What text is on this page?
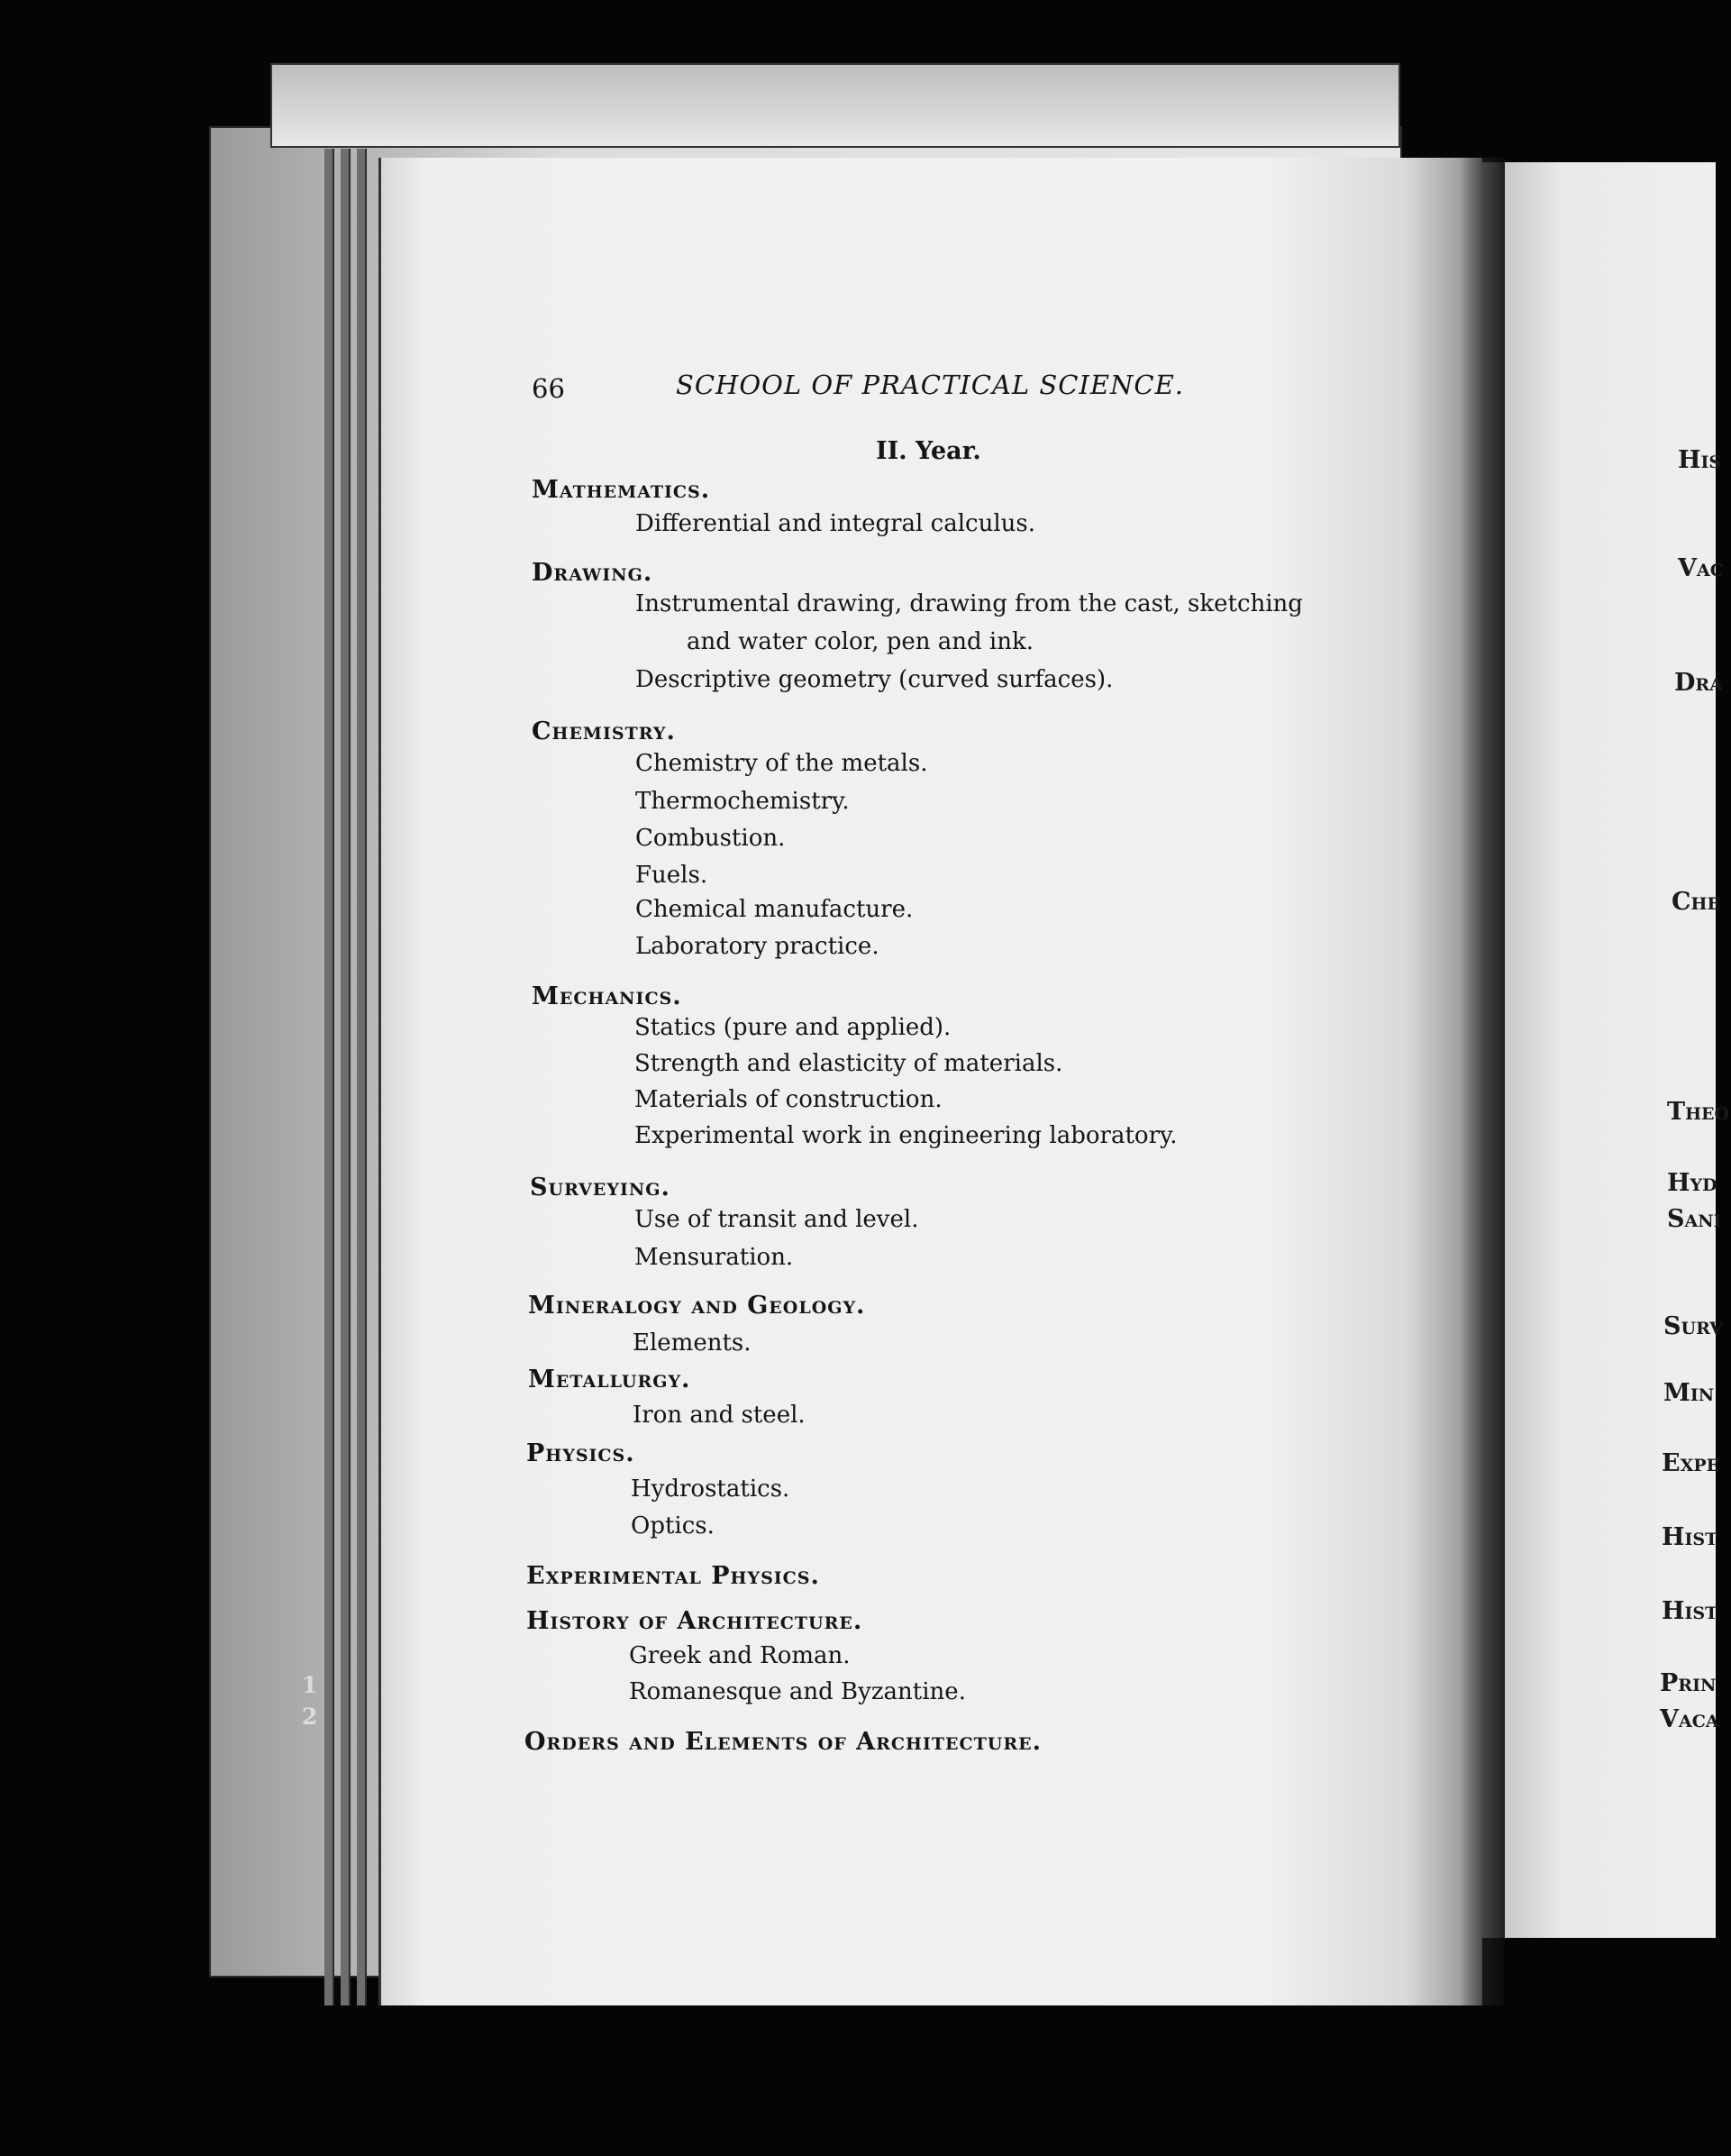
1
2
66	SCHOOL OF PRACTICAL SCIENCE.
II. Year.
Mathematics.
Differential and integral calculus.
Drawing.
Instrumental drawing, drawing from the cast, sketching
and water color, pen and ink.
Descriptive geometry (curved surfaces).
Chemistry.
Chemistry of the metals.
Thermochemistry.
Combustion.
Fuels.
Chemical manufacture.
Laboratory practice.
Mechanics.
Statics (pure and applied).
Strength and elasticity of materials.
Materials of construction.
Experimental work in engineering laboratory.
Surveying.
Use of transit and level.
Mensuration.
Mineralogy and Geology.
Elements.
Metallurgy.
Iron and steel.
Physics.
Hydrostatics.
Optics.
Experimental Physics.
History of Architecture.
Greek and Roman.
Romanesque and Byzantine.
Orders and Elements of Architecture.
His
Vac
Dra
Che
Theo
Hyd
Sani
Surv
Min
Expe
Hist
Hist
Prin
Vaca
